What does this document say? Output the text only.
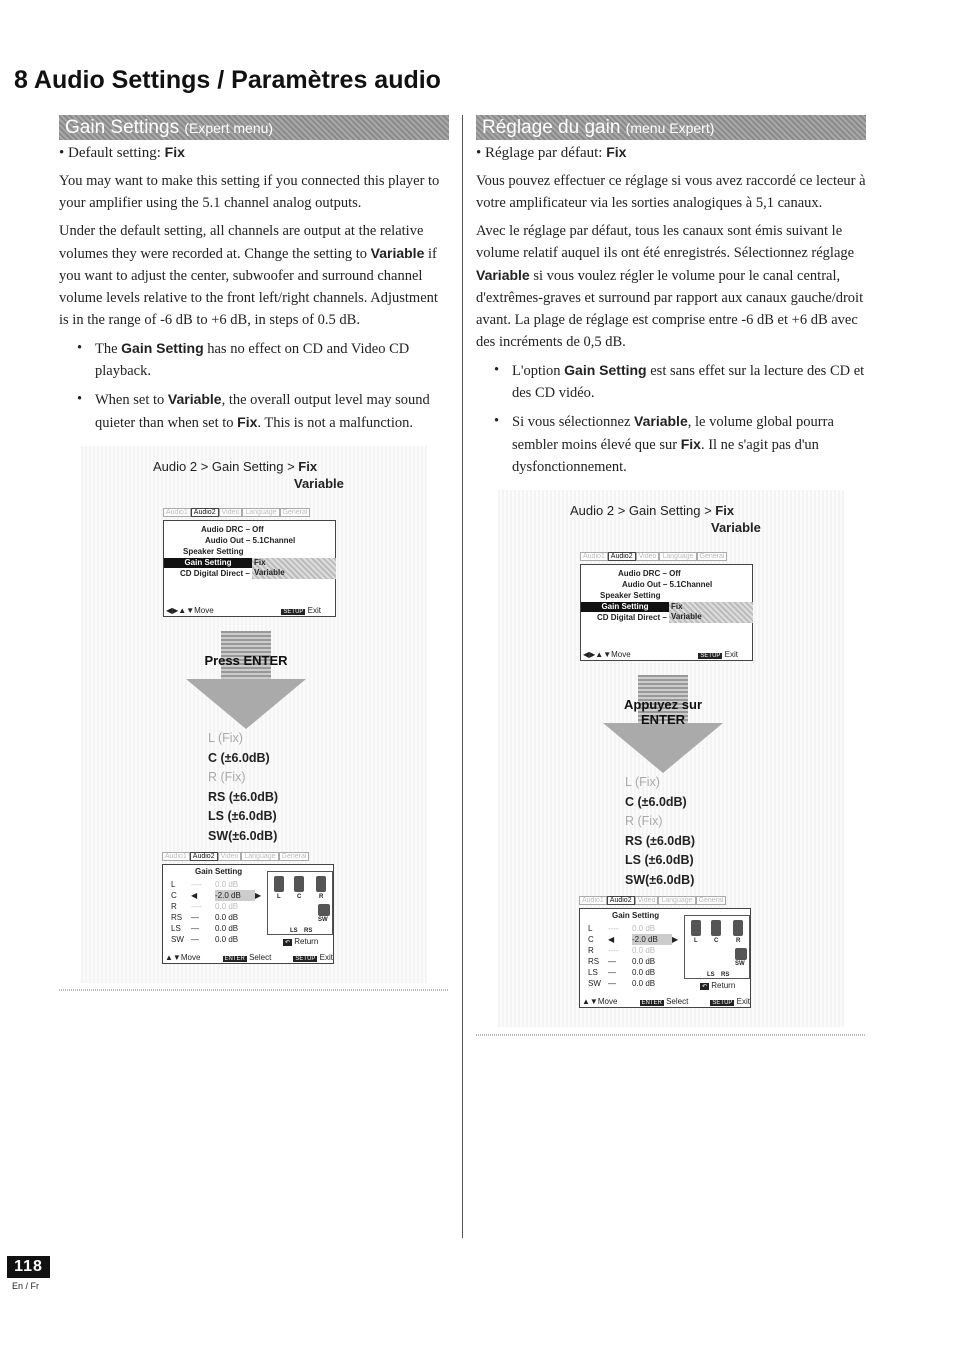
8 Audio Settings / Paramètres audio
Gain Settings (Expert menu)
• Default setting: Fix

You may want to make this setting if you connected this player to your amplifier using the 5.1 channel analog outputs.

Under the default setting, all channels are output at the relative volumes they were recorded at. Change the setting to Variable if you want to adjust the center, subwoofer and surround channel volume levels relative to the front left/right channels. Adjustment is in the range of -6 dB to +6 dB, in steps of 0.5 dB.

• The Gain Setting has no effect on CD and Video CD playback.
• When set to Variable, the overall output level may sound quieter than when set to Fix. This is not a malfunction.
Audio 2 > Gain Setting > Fix
Variable
Audio1 Audio2 Video Language General
Audio DRC – Off
Audio Out – 5.1Channel
Speaker Setting
Gain Setting	Fix
Variable
CD Digital Direct –
◀▶▲▼Move	SETUP Exit
Press ENTER
L (Fix)
C (±6.0dB)
R (Fix)
RS (±6.0dB)
LS (±6.0dB)
SW(±6.0dB)
Audio1 Audio2 Video Language General
Gain Setting
L	----	0.0 dB
C	◀	-2.0 dB	▶
R	----	0.0 dB
RS	—	0.0 dB
LS	—	0.0 dB
SW —	0.0 dB
L	C	R
SW
LS RS
↶ Return
▲▼Move	ENTER Select	SETUP Exit
Réglage du gain (menu Expert)
• Réglage par défaut: Fix

Vous pouvez effectuer ce réglage si vous avez raccordé ce lecteur à votre amplificateur via les sorties analogiques à 5,1 canaux.

Avec le réglage par défaut, tous les canaux sont émis suivant le volume relatif auquel ils ont été enregistrés. Sélectionnez réglage Variable si vous voulez régler le volume pour le canal central, d'extrêmes-graves et surround par rapport aux canaux gauche/droit avant. La plage de réglage est comprise entre -6 dB et +6 dB avec des incréments de 0,5 dB.

• L'option Gain Setting est sans effet sur la lecture des CD et des CD vidéo.
• Si vous sélectionnez Variable, le volume global pourra sembler moins élevé que sur Fix. Il ne s'agit pas d'un dysfonctionnement.
Audio 2 > Gain Setting > Fix
Variable
Audio1 Audio2 Video Language General
Audio DRC – Off
Audio Out – 5.1Channel
Speaker Setting
Gain Setting	Fix
Variable
CD Digital Direct –
◀▶▲▼Move	SETUP Exit
Appuyez sur ENTER
L (Fix)
C (±6.0dB)
R (Fix)
RS (±6.0dB)
LS (±6.0dB)
SW(±6.0dB)
Audio1 Audio2 Video Language General
Gain Setting
L	----	0.0 dB
C	◀	-2.0 dB	▶
R	----	0.0 dB
RS	—	0.0 dB
LS	—	0.0 dB
SW —	0.0 dB
L	C	R
SW
LS RS
↶ Return
▲▼Move	ENTER Select	SETUP Exit
118
En / Fr
